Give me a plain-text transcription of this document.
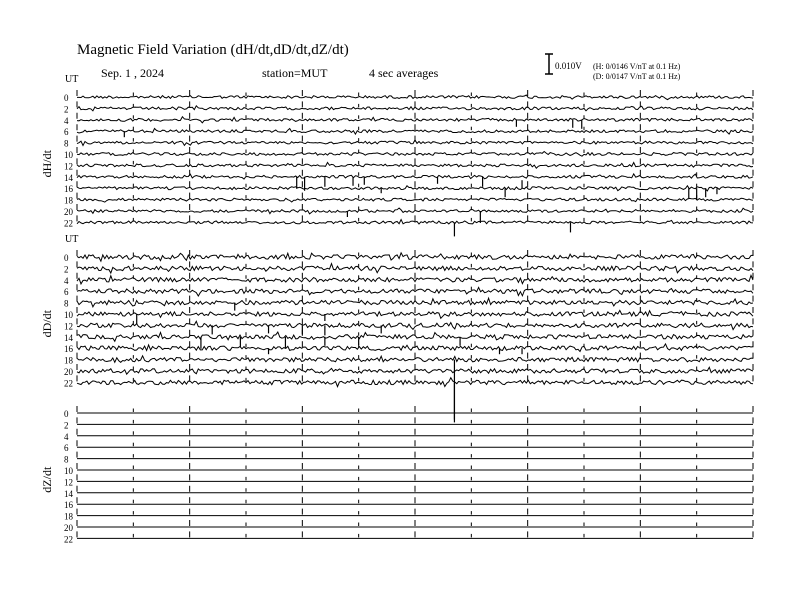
Magnetic Field Variation (dH/dt,dD/dt,dZ/dt)
Sep. 1 , 2024	station=MUT	4 sec averages	0.010V (H: 0/0146 V/nT at 0.1 Hz)
(D: 0/0147 V/nT at 0.1 Hz)
UT
UT
dH/dt
0
2
4
6
8
10
12
14
16
18
20
22
dD/dt
0
2
4
6
8
10
12
14
16
18
20
22
dZ/dt
0
2
4
6
8
10
12
14
16
18
20
22
